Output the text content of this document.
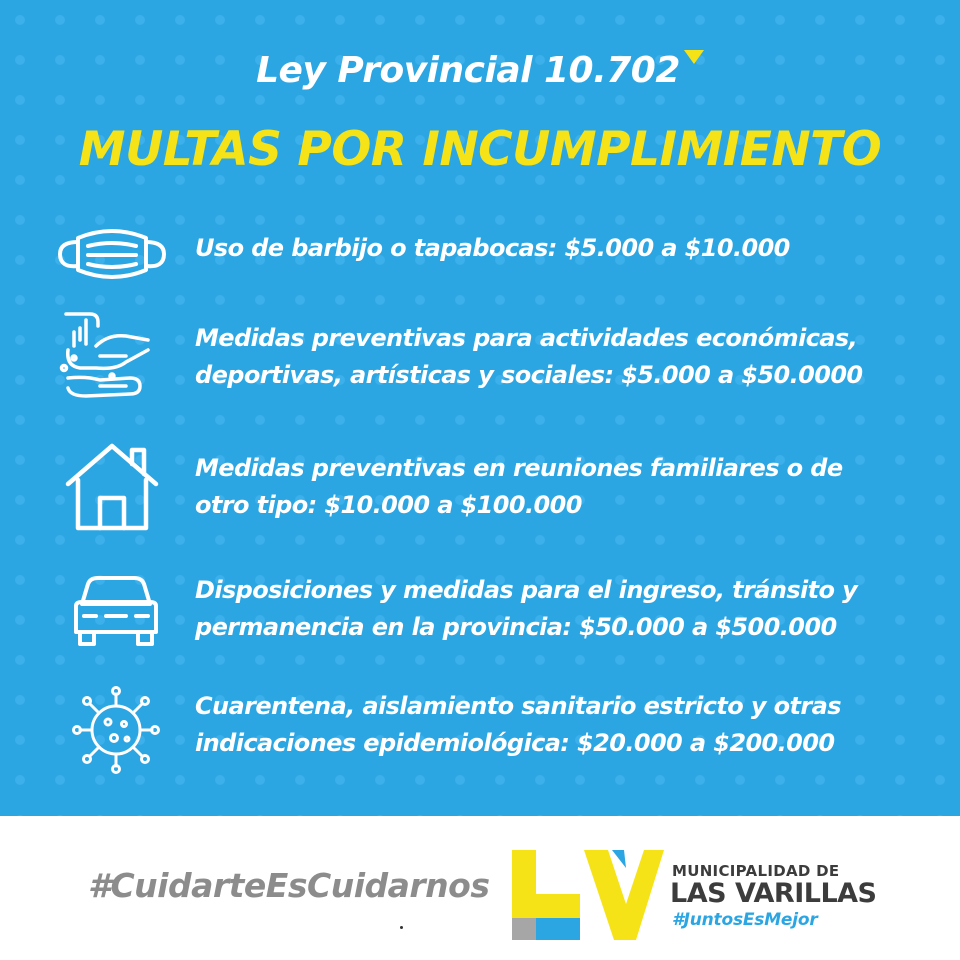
Ley Provincial 10.702
MULTAS POR INCUMPLIMIENTO
Uso de barbijo o tapabocas: $5.000 a $10.000
Medidas preventivas para actividades económicas,
deportivas, artísticas y sociales: $5.000 a $50.0000
Medidas preventivas en reuniones familiares o de
otro tipo: $10.000 a $100.000
Disposiciones y medidas para el ingreso, tránsito y
permanencia en la provincia: $50.000 a $500.000
Cuarentena, aislamiento sanitario estricto y otras
indicaciones epidemiológica: $20.000 a $200.000
#CuidarteEsCuidarnos	MUNICIPALIDAD DE
LAS VARILLAS
#JuntosEsMejor
